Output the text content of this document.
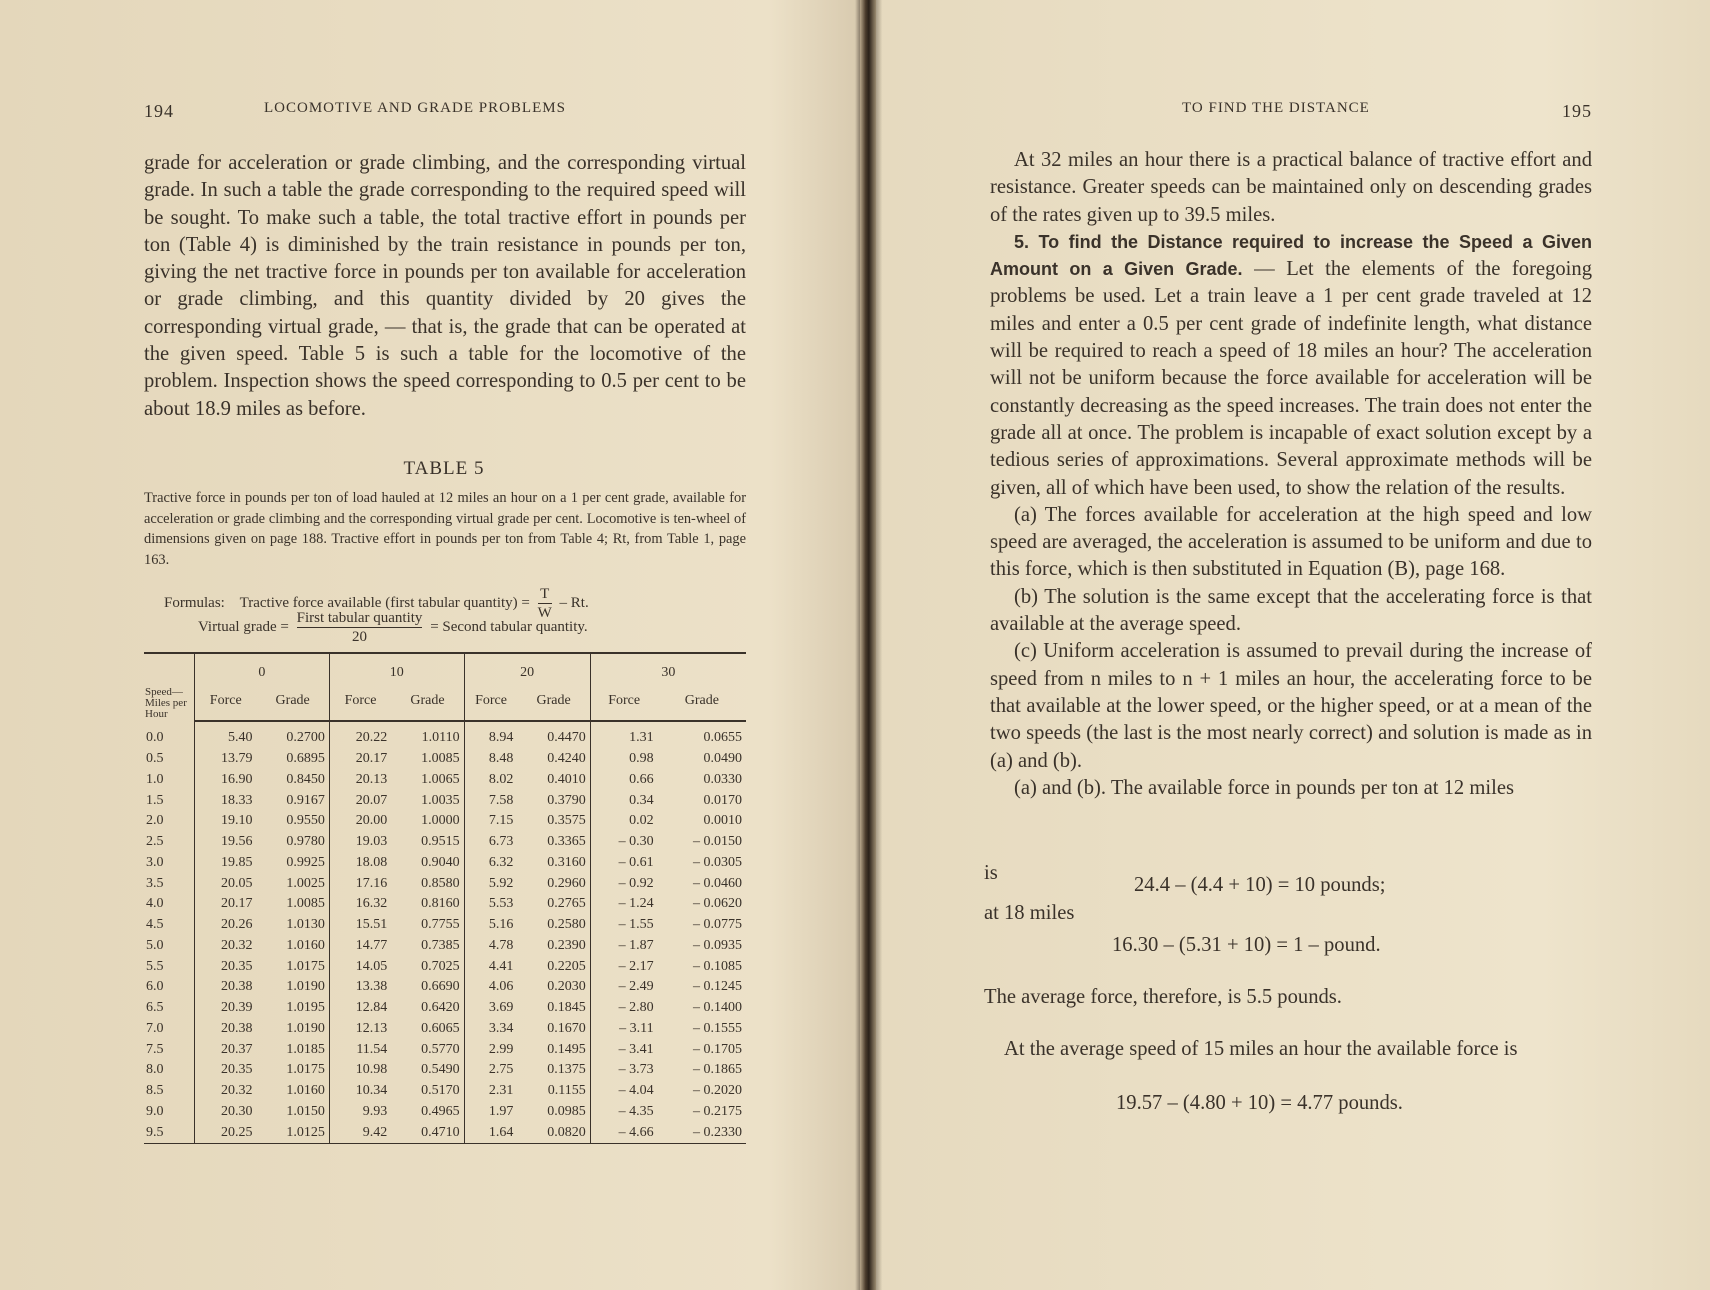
194	LOCOMOTIVE AND GRADE PROBLEMS

grade for acceleration or grade climbing, and the corresponding virtual grade. In such a table the grade corresponding to the required speed will be sought. To make such a table, the total tractive effort in pounds per ton (Table 4) is diminished by the train resistance in pounds per ton, giving the net tractive force in pounds per ton available for acceleration or grade climbing, and this quantity divided by 20 gives the corresponding virtual grade, — that is, the grade that can be operated at the given speed. Table 5 is such a table for the locomotive of the problem. Inspection shows the speed corresponding to 0.5 per cent to be about 18.9 miles as before.

TABLE 5
Tractive force in pounds per ton of load hauled at 12 miles an hour on a 1 per cent grade, available for acceleration or grade climbing and the corresponding virtual grade per cent. Locomotive is ten-wheel of dimensions given on page 188. Tractive effort in pounds per ton from Table 4; Rt, from Table 1, page 163.
Formulas: Tractive force available (first tabular quantity) = $\frac{T}{W}$ – Rt.
Virtual grade = $\frac{\text{First tabular quantity}}{20}$ = Second tabular quantity.
Speed—Miles per Hour	0		10		20		30	
	Force	Grade	Force	Grade	Force	Grade	Force	Grade
0.0	5.40	0.2700	20.22	1.0110	8.94	0.4470	1.31	0.0655
0.5	13.79	0.6895	20.17	1.0085	8.48	0.4240	0.98	0.0490
1.0	16.90	0.8450	20.13	1.0065	8.02	0.4010	0.66	0.0330
1.5	18.33	0.9167	20.07	1.0035	7.58	0.3790	0.34	0.0170
2.0	19.10	0.9550	20.00	1.0000	7.15	0.3575	0.02	0.0010
2.5	19.56	0.9780	19.03	0.9515	6.73	0.3365	– 0.30	– 0.0150
3.0	19.85	0.9925	18.08	0.9040	6.32	0.3160	– 0.61	– 0.0305
3.5	20.05	1.0025	17.16	0.8580	5.92	0.2960	– 0.92	– 0.0460
4.0	20.17	1.0085	16.32	0.8160	5.53	0.2765	– 1.24	– 0.0620
4.5	20.26	1.0130	15.51	0.7755	5.16	0.2580	– 1.55	– 0.0775
5.0	20.32	1.0160	14.77	0.7385	4.78	0.2390	– 1.87	– 0.0935
5.5	20.35	1.0175	14.05	0.7025	4.41	0.2205	– 2.17	– 0.1085
6.0	20.38	1.0190	13.38	0.6690	4.06	0.2030	– 2.49	– 0.1245
6.5	20.39	1.0195	12.84	0.6420	3.69	0.1845	– 2.80	– 0.1400
7.0	20.38	1.0190	12.13	0.6065	3.34	0.1670	– 3.11	– 0.1555
7.5	20.37	1.0185	11.54	0.5770	2.99	0.1495	– 3.41	– 0.1705
8.0	20.35	1.0175	10.98	0.5490	2.75	0.1375	– 3.73	– 0.1865
8.5	20.32	1.0160	10.34	0.5170	2.31	0.1155	– 4.04	– 0.2020
9.0	20.30	1.0150	9.93	0.4965	1.97	0.0985	– 4.35	– 0.2175
9.5	20.25	1.0125	9.42	0.4710	1.64	0.0820	– 4.66	– 0.2330
TO FIND THE DISTANCE	195

At 32 miles an hour there is a practical balance of tractive effort and resistance. Greater speeds can be maintained only on descending grades of the rates given up to 39.5 miles.

5. To find the Distance required to increase the Speed a Given Amount on a Given Grade. — Let the elements of the foregoing problems be used. Let a train leave a 1 per cent grade traveled at 12 miles and enter a 0.5 per cent grade of indefinite length, what distance will be required to reach a speed of 18 miles an hour? The acceleration will not be uniform because the force available for acceleration will be constantly decreasing as the speed increases. The train does not enter the grade all at once. The problem is incapable of exact solution except by a tedious series of approximations. Several approximate methods will be given, all of which have been used, to show the relation of the results.

(a) The forces available for acceleration at the high speed and low speed are averaged, the acceleration is assumed to be uniform and due to this force, which is then substituted in Equation (B), page 168.

(b) The solution is the same except that the accelerating force is that available at the average speed.

(c) Uniform acceleration is assumed to prevail during the increase of speed from n miles to n + 1 miles an hour, the accelerating force to be that available at the lower speed, or the higher speed, or at a mean of the two speeds (the last is the most nearly correct) and solution is made as in (a) and (b).

(a) and (b). The available force in pounds per ton at 12 miles

is
24.4 – (4.4 + 10) = 10 pounds;
at 18 miles
16.30 – (5.31 + 10) = 1 – pound.
The average force, therefore, is 5.5 pounds.
At the average speed of 15 miles an hour the available force is
19.57 – (4.80 + 10) = 4.77 pounds.
